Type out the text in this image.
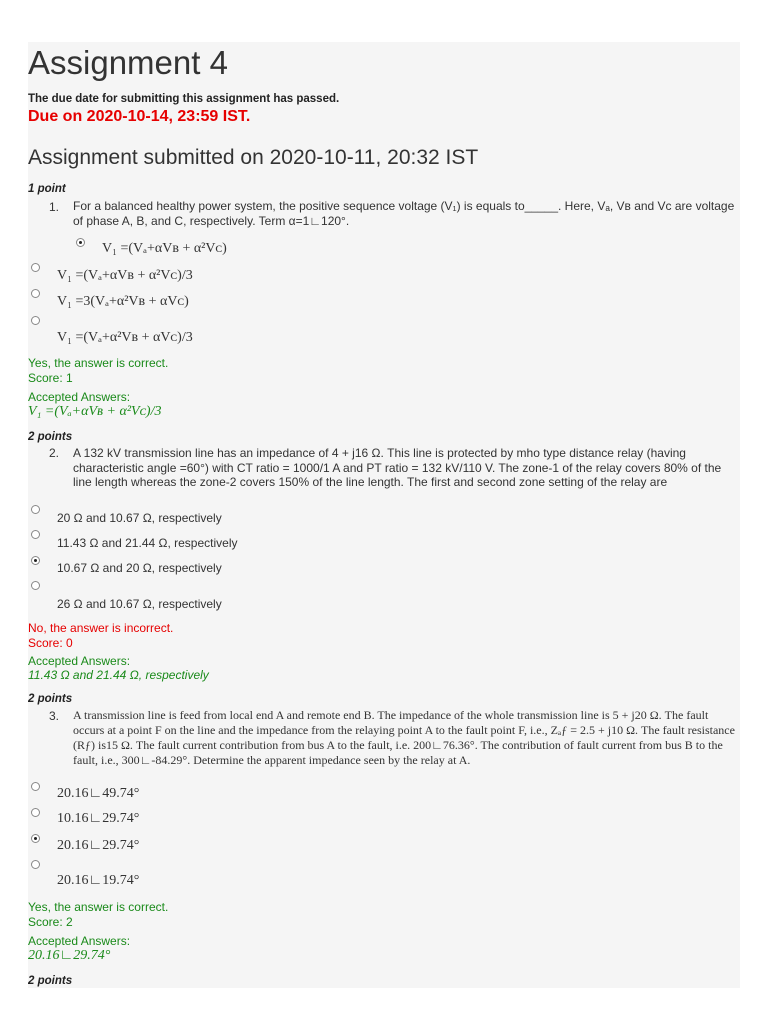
Assignment 4
The due date for submitting this assignment has passed.
Due on 2020-10-14, 23:59 IST.
Assignment submitted on 2020-10-11, 20:32 IST
1 point
1. For a balanced healthy power system, the positive sequence voltage (V₁) is equals to_____. Here, Vₐ, Vʙ and Vᴄ are voltage of phase A, B, and C, respectively. Term α=1∟120°.
V₁ =(Vₐ+αVʙ + α²Vᴄ)
V₁ =(Vₐ+αVʙ + α²Vᴄ)/3
V₁ =3(Vₐ+α²Vʙ + αVᴄ)
V₁ =(Vₐ+α²Vʙ + αVᴄ)/3
Yes, the answer is correct.
Score: 1
Accepted Answers:
V₁ =(Vₐ+αVʙ + α²Vᴄ)/3
2 points
2. A 132 kV transmission line has an impedance of 4 + j16 Ω. This line is protected by mho type distance relay (having characteristic angle =60°) with CT ratio = 1000/1 A and PT ratio = 132 kV/110 V. The zone-1 of the relay covers 80% of the line length whereas the zone-2 covers 150% of the line length. The first and second zone setting of the relay are
20 Ω and 10.67 Ω, respectively
11.43 Ω and 21.44 Ω, respectively
10.67 Ω and 20 Ω, respectively
26 Ω and 10.67 Ω, respectively
No, the answer is incorrect.
Score: 0
Accepted Answers:
11.43 Ω and 21.44 Ω, respectively
2 points
3. A transmission line is feed from local end A and remote end B. The impedance of the whole transmission line is 5 + j20 Ω. The fault occurs at a point F on the line and the impedance from the relaying point A to the fault point F, i.e., Zₐƒ = 2.5 + j10 Ω. The fault resistance (Rƒ) is15 Ω. The fault current contribution from bus A to the fault, i.e. 200∟76.36°. The contribution of fault current from bus B to the fault, i.e., 300∟-84.29°. Determine the apparent impedance seen by the relay at A.
20.16∟49.74°
10.16∟29.74°
20.16∟29.74°
20.16∟19.74°
Yes, the answer is correct.
Score: 2
Accepted Answers:
20.16∟29.74°
2 points
